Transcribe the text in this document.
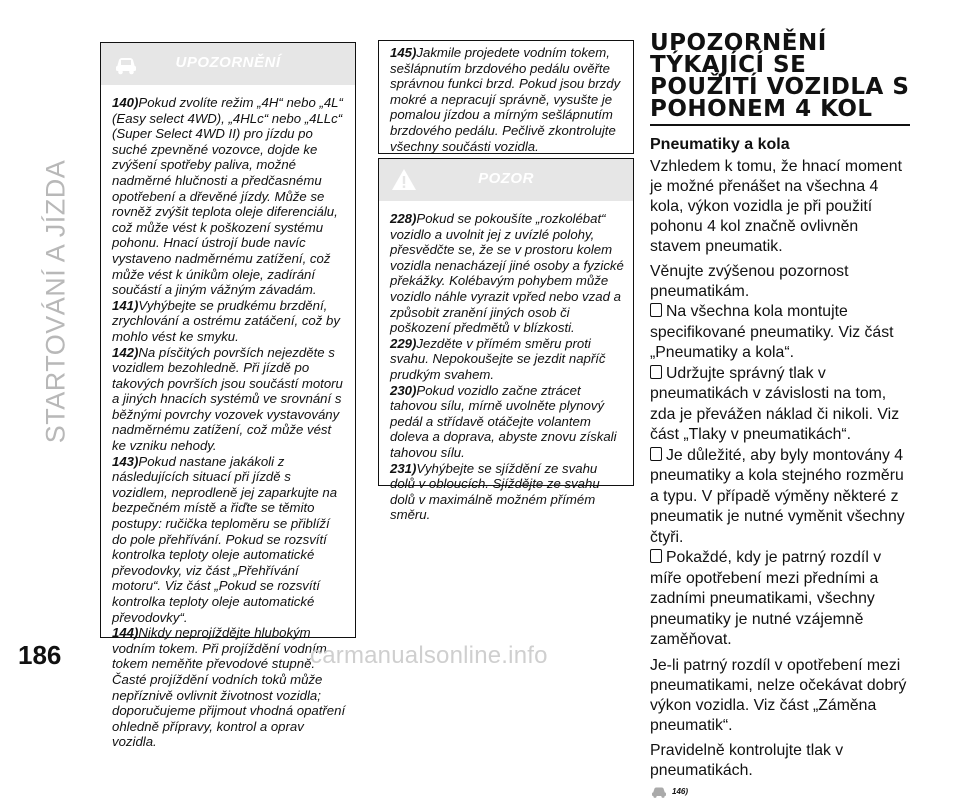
STARTOVÁNÍ A JÍZDA
UPOZORNĚNÍ

140)Pokud zvolíte režim „4H“ nebo „4L“ (Easy select 4WD), „4HLc“ nebo „4LLc“ (Super Select 4WD II) pro jízdu po suché zpevněné vozovce, dojde ke zvýšení spotřeby paliva, možné nadměrné hlučnosti a předčasnému opotřebení a dřevěné jízdy. Může se rovněž zvýšit teplota oleje diferenciálu, což může vést k poškození systému pohonu. Hnací ústrojí bude navíc vystaveno nadměrnému zatížení, což může vést k únikům oleje, zadírání součástí a jiným vážným závadám.

141)Vyhýbejte se prudkému brzdění, zrychlování a ostrému zatáčení, což by mohlo vést ke smyku.

142)Na písčitých površích nejezděte s vozidlem bezohledně. Při jízdě po takových površích jsou součástí motoru a jiných hnacích systémů ve srovnání s běžnými povrchy vozovek vystavovány nadměrnému zatížení, což může vést ke vzniku nehody.

143)Pokud nastane jakákoli z následujících situací při jízdě s vozidlem, neprodleně jej zaparkujte na bezpečném místě a řiďte se těmito postupy: ručička teploměru se přiblíží do pole přehřívání. Pokud se rozsvítí kontrolka teploty oleje automatické převodovky, viz část „Přehřívání motoru“. Viz část „Pokud se rozsvítí kontrolka teploty oleje automatické převodovky“.

144)Nikdy neprojíždějte hlubokým vodním tokem. Při projíždění vodním tokem neměňte převodové stupně. Časté projíždění vodních toků může nepříznivě ovlivnit životnost vozidla; doporučujeme přijmout vhodná opatření ohledně přípravy, kontrol a oprav vozidla.

145)Jakmile projedete vodním tokem, sešlápnutím brzdového pedálu ověřte správnou funkci brzd. Pokud jsou brzdy mokré a nepracují správně, vysušte je pomalou jízdou a mírným sešlápnutím brzdového pedálu. Pečlivě zkontrolujte všechny součásti vozidla.

POZOR

228)Pokud se pokoušíte „rozkolébat“ vozidlo a uvolnit jej z uvízlé polohy, přesvědčte se, že se v prostoru kolem vozidla nenacházejí jiné osoby a fyzické překážky. Kolébavým pohybem může vozidlo náhle vyrazit vpřed nebo vzad a způsobit zranění jiných osob či poškození předmětů v blízkosti.

229)Jezděte v přímém směru proti svahu. Nepokoušejte se jezdit napříč prudkým svahem.

230)Pokud vozidlo začne ztrácet tahovou sílu, mírně uvolněte plynový pedál a střídavě otáčejte volantem doleva a doprava, abyste znovu získali tahovou sílu.

231)Vyhýbejte se sjíždění ze svahu dolů v obloucích. Sjíždějte ze svahu dolů v maximálně možném přímém směru.

UPOZORNĚNÍ
TÝKAJÍCÍ SE
POUŽITÍ VOZIDLA S
POHONEM 4 KOL
Pneumatiky a kola

Vzhledem k tomu, že hnací moment je možné přenášet na všechna 4 kola, výkon vozidla je při použití pohonu 4 kol značně ovlivněn stavem pneumatik.

Věnujte zvýšenou pozornost pneumatikám.

Na všechna kola montujte specifikované pneumatiky. Viz část „Pneumatiky a kola“.

Udržujte správný tlak v pneumatikách v závislosti na tom, zda je převážen náklad či nikoli. Viz část „Tlaky v pneumatikách“.

Je důležité, aby byly montovány 4 pneumatiky a kola stejného rozměru a typu. V případě výměny některé z pneumatik je nutné vyměnit všechny čtyři.

Pokaždé, kdy je patrný rozdíl v míře opotřebení mezi předními a zadními pneumatikami, všechny pneumatiky je nutné vzájemně zaměňovat.

Je-li patrný rozdíl v opotřebení mezi pneumatikami, nelze očekávat dobrý výkon vozidla. Viz část „Záměna pneumatik“.

Pravidelně kontrolujte tlak v pneumatikách.

146)
186	carmanualsonline.info
